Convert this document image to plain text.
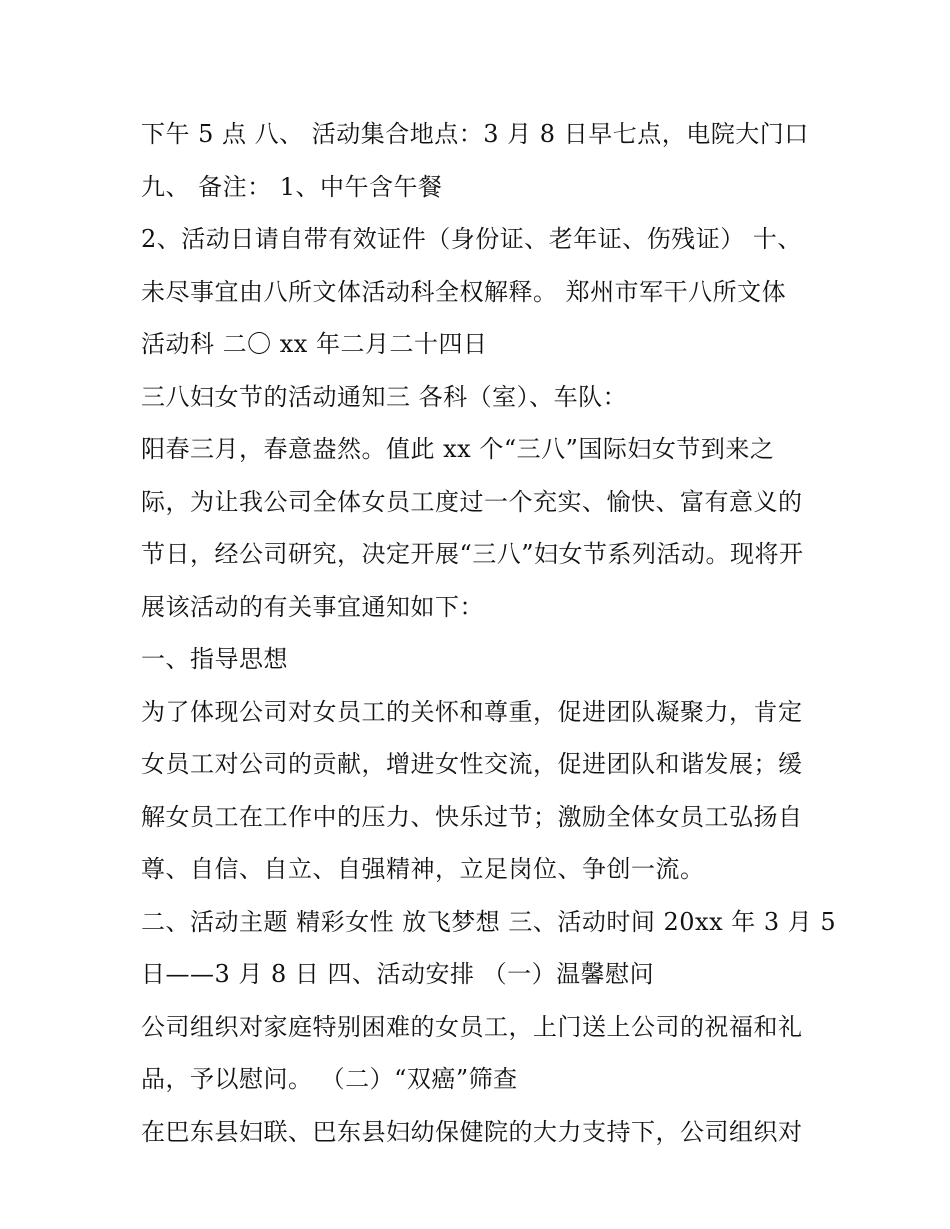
下午 5 点 八、 活动集合地点：3 月 8 日早七点，电院大门口
九、 备注： 1、中午含午餐
2、活动日请自带有效证件（身份证、老年证、伤残证） 十、
未尽事宜由八所文体活动科全权解释。 郑州市军干八所文体
活动科 二〇 xx 年二月二十四日
三八妇女节的活动通知三 各科（室）、车队：
阳春三月，春意盎然。值此 xx 个“三八”国际妇女节到来之
际，为让我公司全体女员工度过一个充实、愉快、富有意义的
节日，经公司研究，决定开展“三八”妇女节系列活动。现将开
展该活动的有关事宜通知如下：
一、指导思想
为了体现公司对女员工的关怀和尊重，促进团队凝聚力，肯定
女员工对公司的贡献，增进女性交流，促进团队和谐发展；缓
解女员工在工作中的压力、快乐过节；激励全体女员工弘扬自
尊、自信、自立、自强精神，立足岗位、争创一流。
二、活动主题 精彩女性 放飞梦想 三、活动时间 20xx 年 3 月 5
日——3 月 8 日 四、活动安排 （一）温馨慰问
公司组织对家庭特别困难的女员工，上门送上公司的祝福和礼
品，予以慰问。 （二）“双癌”筛查
在巴东县妇联、巴东县妇幼保健院的大力支持下，公司组织对
